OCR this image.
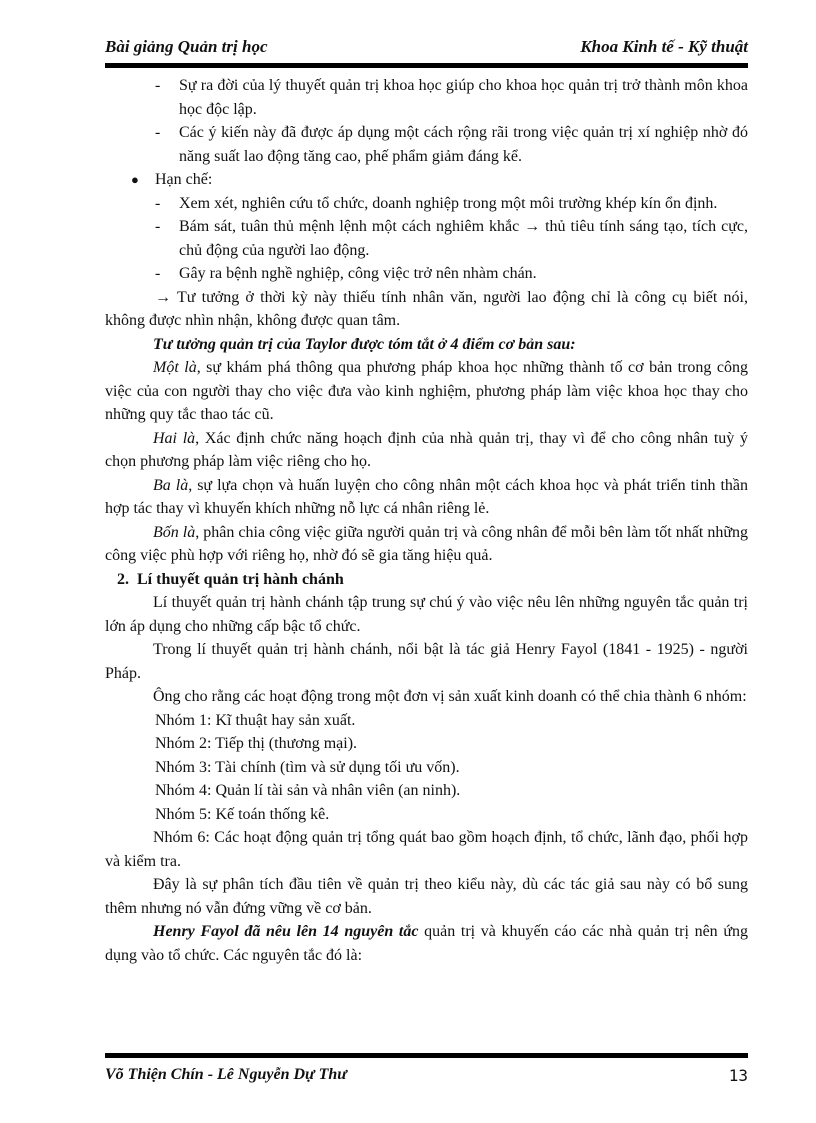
Bài giảng Quản trị học	Khoa Kinh tế - Kỹ thuật

- Sự ra đời của lý thuyết quản trị khoa học giúp cho khoa học quản trị trở thành môn khoa học độc lập.

- Các ý kiến này đã được áp dụng một cách rộng rãi trong việc quản trị xí nghiệp nhờ đó năng suất lao động tăng cao, phế phẩm giảm đáng kể.

● Hạn chế:

- Xem xét, nghiên cứu tổ chức, doanh nghiệp trong một môi trường khép kín ổn định.

- Bám sát, tuân thủ mệnh lệnh một cách nghiêm khắc → thủ tiêu tính sáng tạo, tích cực, chủ động của người lao động.

- Gây ra bệnh nghề nghiệp, công việc trở nên nhàm chán.

→ Tư tưởng ở thời kỳ này thiếu tính nhân văn, người lao động chỉ là công cụ biết nói, không được nhìn nhận, không được quan tâm.

Tư tưởng quản trị của Taylor được tóm tắt ở 4 điểm cơ bản sau:

Một là, sự khám phá thông qua phương pháp khoa học những thành tố cơ bản trong công việc của con người thay cho việc đưa vào kinh nghiệm, phương pháp làm việc khoa học thay cho những quy tắc thao tác cũ.

Hai là, Xác định chức năng hoạch định của nhà quản trị, thay vì để cho công nhân tuỳ ý chọn phương pháp làm việc riêng cho họ.

Ba là, sự lựa chọn và huấn luyện cho công nhân một cách khoa học và phát triển tinh thần hợp tác thay vì khuyến khích những nỗ lực cá nhân riêng lẻ.

Bốn là, phân chia công việc giữa người quản trị và công nhân để mỗi bên làm tốt nhất những công việc phù hợp với riêng họ, nhờ đó sẽ gia tăng hiệu quả.

2. Lí thuyết quản trị hành chánh

Lí thuyết quản trị hành chánh tập trung sự chú ý vào việc nêu lên những nguyên tắc quản trị lớn áp dụng cho những cấp bậc tổ chức.

Trong lí thuyết quản trị hành chánh, nổi bật là tác giả Henry Fayol (1841 - 1925) - người Pháp.

Ông cho rằng các hoạt động trong một đơn vị sản xuất kinh doanh có thể chia thành 6 nhóm:

Nhóm 1: Kĩ thuật hay sản xuất.

Nhóm 2: Tiếp thị (thương mại).

Nhóm 3: Tài chính (tìm và sử dụng tối ưu vốn).

Nhóm 4: Quản lí tài sản và nhân viên (an ninh).

Nhóm 5: Kế toán thống kê.

Nhóm 6: Các hoạt động quản trị tổng quát bao gồm hoạch định, tổ chức, lãnh đạo, phối hợp và kiểm tra.

Đây là sự phân tích đầu tiên về quản trị theo kiểu này, dù các tác giả sau này có bổ sung thêm nhưng nó vẫn đứng vững về cơ bản.

Henry Fayol đã nêu lên 14 nguyên tắc quản trị và khuyến cáo các nhà quản trị nên ứng dụng vào tổ chức. Các nguyên tắc đó là:

Võ Thiện Chín - Lê Nguyễn Dự Thư	13
